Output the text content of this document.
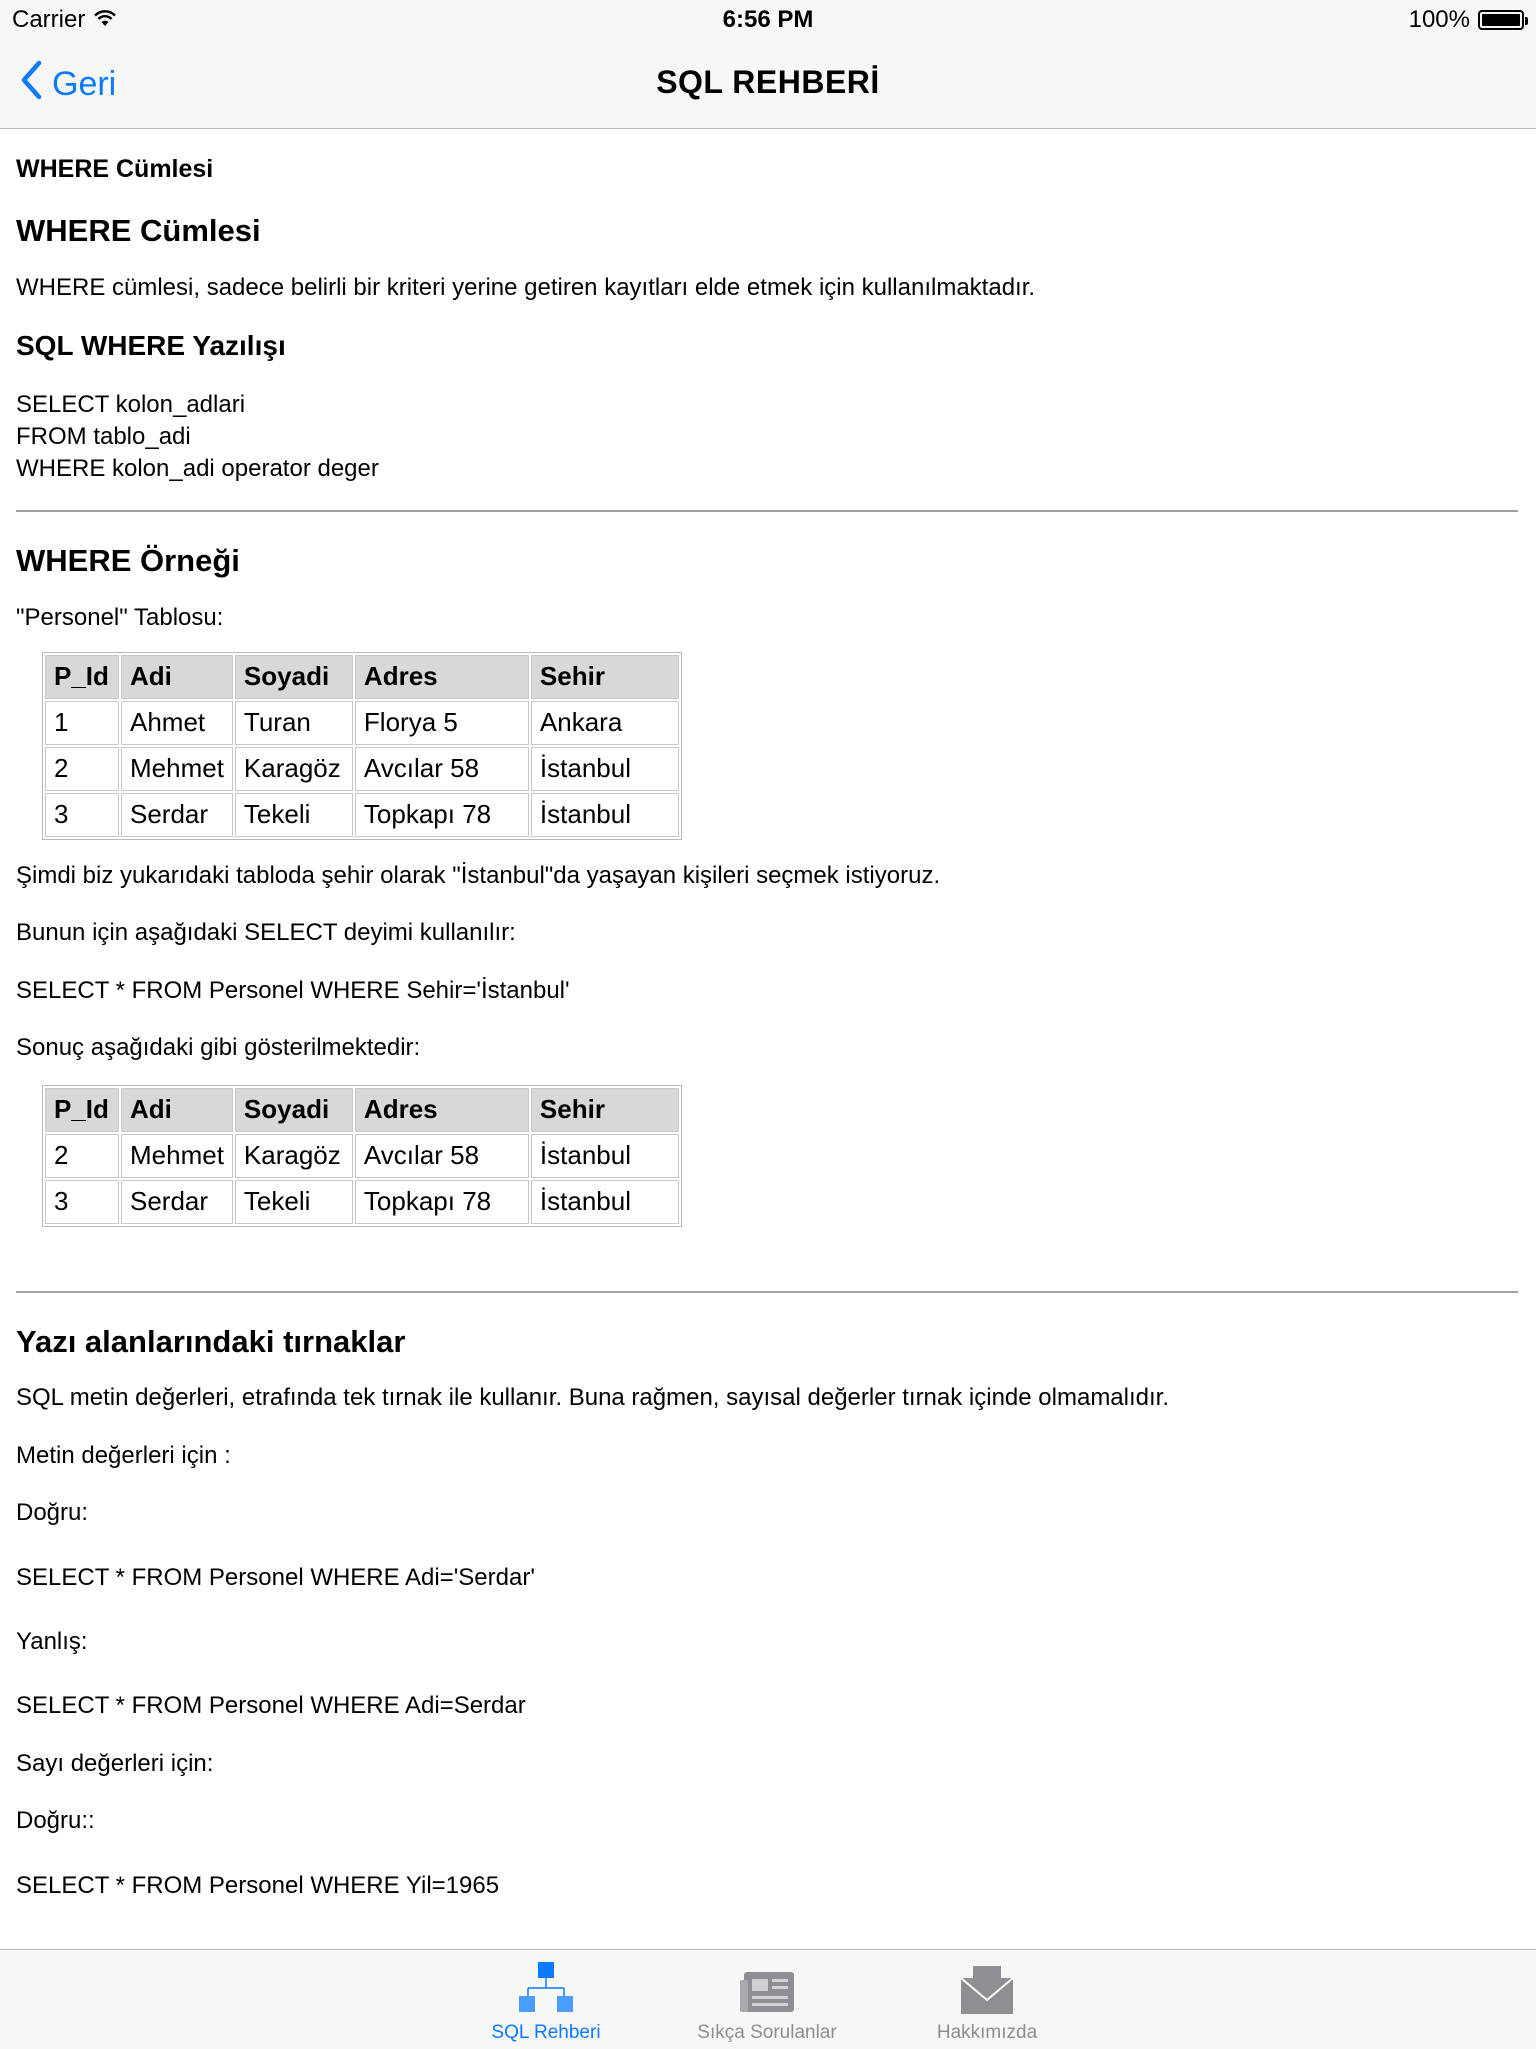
Carrier	6:56 PM	100%
Geri	SQL REHBERİ

WHERE Cümlesi

WHERE Cümlesi

WHERE cümlesi, sadece belirli bir kriteri yerine getiren kayıtları elde etmek için kullanılmaktadır.

SQL WHERE Yazılışı

SELECT kolon_adlari
FROM tablo_adi
WHERE kolon_adi operator deger

WHERE Örneği

"Personel" Tablosu:

P_Id	Adi	Soyadi	Adres	Sehir
1	Ahmet	Turan	Florya 5	Ankara
2	Mehmet	Karagöz	Avcılar 58	İstanbul
3	Serdar	Tekeli	Topkapı 78	İstanbul

Şimdi biz yukarıdaki tabloda şehir olarak "İstanbul"da yaşayan kişileri seçmek istiyoruz.

Bunun için aşağıdaki SELECT deyimi kullanılır:

SELECT * FROM Personel WHERE Sehir='İstanbul'

Sonuç aşağıdaki gibi gösterilmektedir:

P_Id	Adi	Soyadi	Adres	Sehir
2	Mehmet	Karagöz	Avcılar 58	İstanbul
3	Serdar	Tekeli	Topkapı 78	İstanbul

Yazı alanlarındaki tırnaklar

SQL metin değerleri, etrafında tek tırnak ile kullanır. Buna rağmen, sayısal değerler tırnak içinde olmamalıdır.

Metin değerleri için :

Doğru:

SELECT * FROM Personel WHERE Adi='Serdar'

Yanlış:

SELECT * FROM Personel WHERE Adi=Serdar

Sayı değerleri için:

Doğru::

SELECT * FROM Personel WHERE Yil=1965

SQL Rehberi	Sıkça Sorulanlar	Hakkımızda
